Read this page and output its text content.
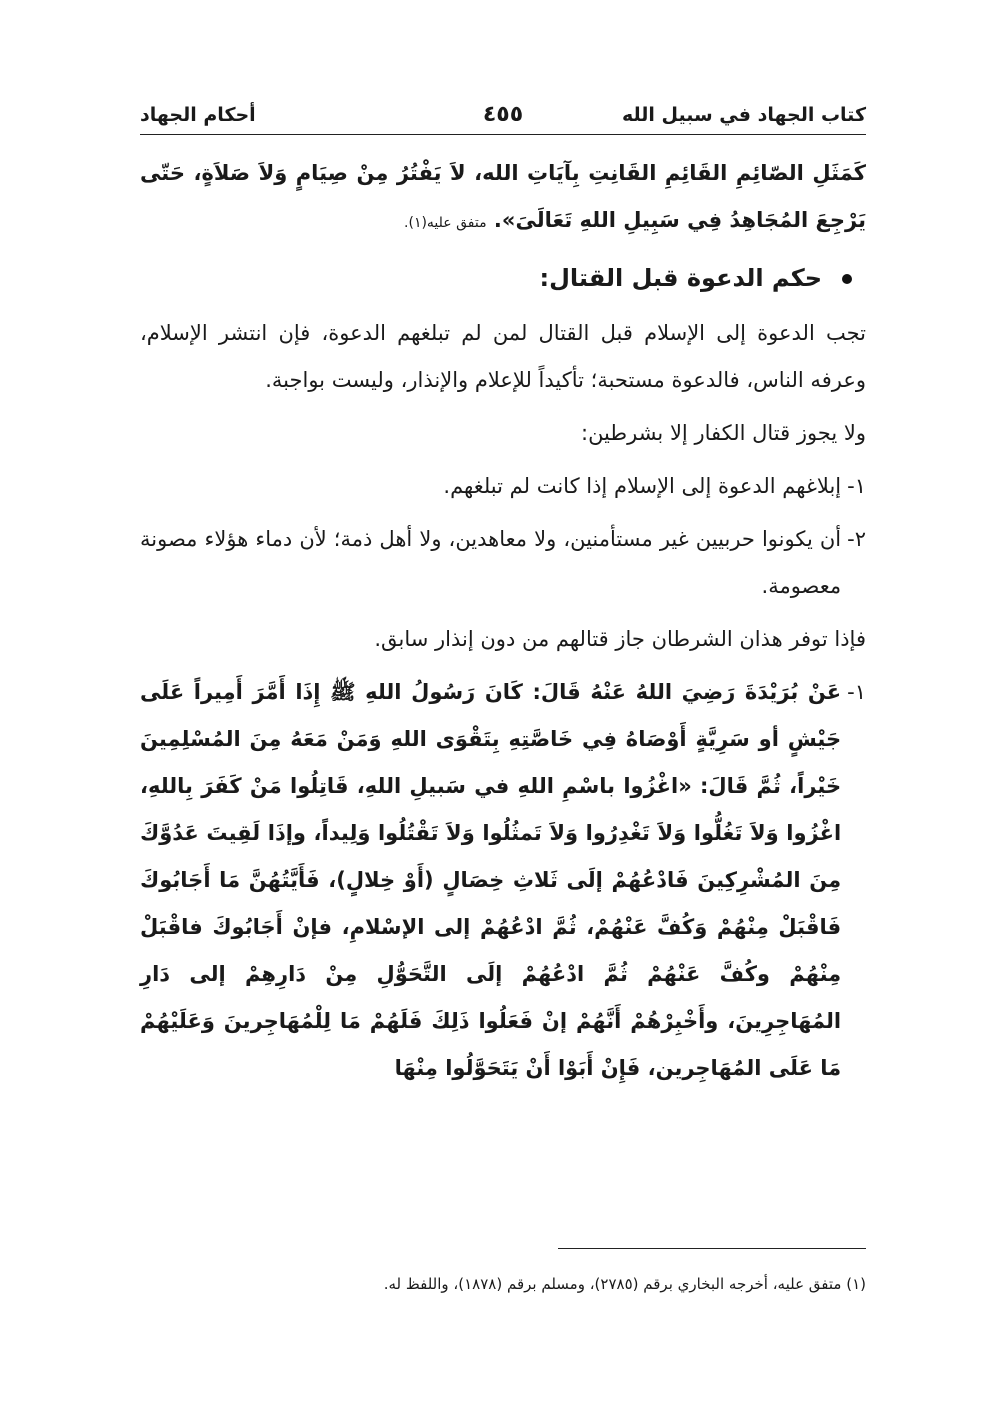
كتاب الجهاد في سبيل الله
٤٥٥
أحكام الجهاد

كَمَثَلِ الصّائِمِ القَائِمِ القَانِتِ بِآيَاتِ الله، لاَ يَفْتُرُ مِنْ صِيَامٍ وَلاَ صَلاَةٍ، حَتّى يَرْجِعَ المُجَاهِدُ فِي سَبِيلِ اللهِ تَعَالَىَ». متفق عليه(١).

حكم الدعوة قبل القتال:

تجب الدعوة إلى الإسلام قبل القتال لمن لم تبلغهم الدعوة، فإن انتشر الإسلام، وعرفه الناس، فالدعوة مستحبة؛ تأكيداً للإعلام والإنذار، وليست بواجبة.

ولا يجوز قتال الكفار إلا بشرطين:

١-
إبلاغهم الدعوة إلى الإسلام إذا كانت لم تبلغهم.
٢-
أن يكونوا حربيين غير مستأمنين، ولا معاهدين، ولا أهل ذمة؛ لأن دماء هؤلاء مصونة معصومة.

فإذا توفر هذان الشرطان جاز قتالهم من دون إنذار سابق.

١-
عَنْ بُرَيْدَةَ رَضِيَ اللهُ عَنْهُ قَالَ: كَانَ رَسُولُ اللهِ ﷺ إِذَا أَمَّرَ أَمِيراً عَلَى جَيْشٍ أو سَرِيَّةٍ أَوْصَاهُ فِي خَاصَّتِهِ بِتَقْوَى اللهِ وَمَنْ مَعَهُ مِنَ المُسْلِمِينَ خَيْراً، ثُمَّ قَالَ: «اغْزُوا باسْمِ اللهِ في سَبيلِ اللهِ، قَاتِلُوا مَنْ كَفَرَ بِاللهِ، اغْزُوا وَلاَ تَغُلُّوا وَلاَ تَغْدِرُوا وَلاَ تَمثُلُوا وَلاَ تَقْتُلُوا وَلِيداً، وإذَا لَقِيتَ عَدُوَّكَ مِنَ المُشْرِكِينَ فَادْعُهُمْ إلَى ثَلاثِ خِصَالٍ (أَوْ خِلالٍ)، فَأَيَّتُهُنَّ مَا أَجَابُوكَ فَاقْبَلْ مِنْهُمْ وَكُفَّ عَنْهُمْ، ثُمَّ ادْعُهُمْ إلى الإسْلامِ، فإنْ أَجَابُوكَ فاقْبَلْ مِنْهُمْ وكُفَّ عَنْهُمْ ثُمَّ ادْعُهُمْ إلَى التَّحَوُّلِ مِنْ دَارِهِمْ إلى دَارِ المُهَاجِرِينَ، وأَخْبِرْهُمْ أَنَّهُمْ إنْ فَعَلُوا ذَلِكَ فَلَهُمْ مَا لِلْمُهَاجِرينَ وَعَلَيْهُمْ مَا عَلَى المُهَاجِرين، فَإِنْ أَبَوْا أَنْ يَتَحَوَّلُوا مِنْهَا
(١) متفق عليه، أخرجه البخاري برقم (٢٧٨٥)، ومسلم برقم (١٨٧٨)، واللفظ له.
